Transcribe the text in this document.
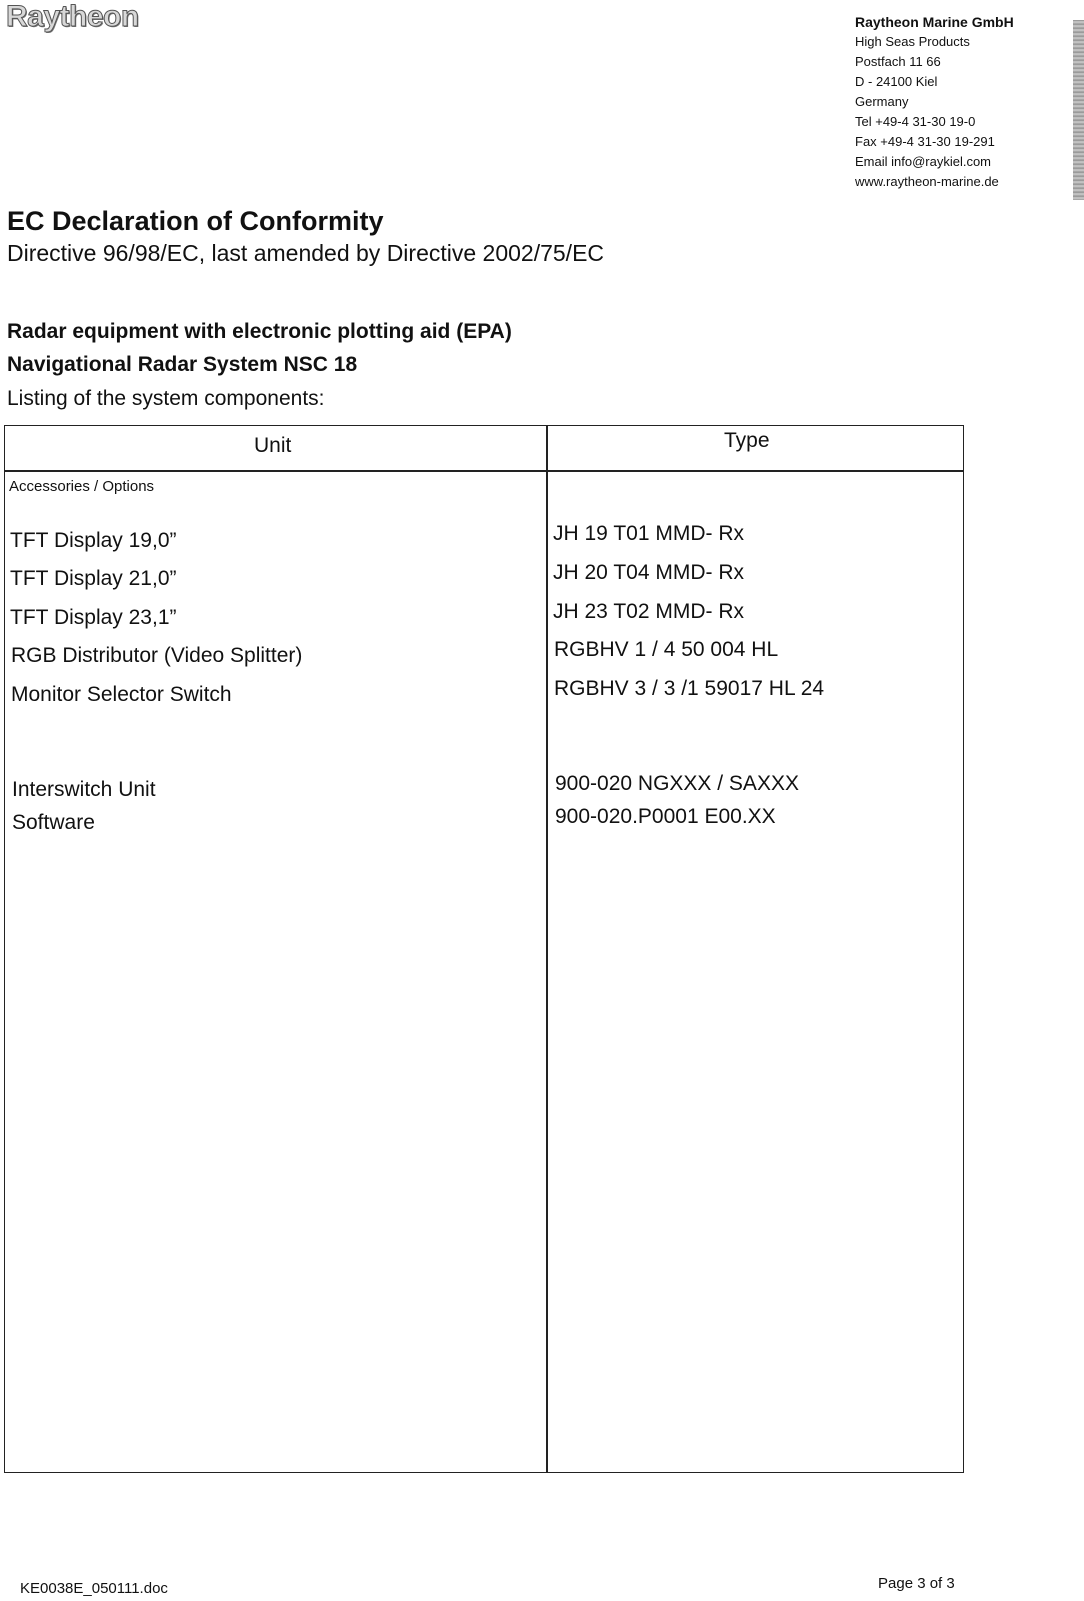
Raytheon	Raytheon Marine GmbH
High Seas Products
Postfach 11 66
D - 24100 Kiel
Germany
Tel +49-4 31-30 19-0
Fax +49-4 31-30 19-291
Email info@raykiel.com
www.raytheon-marine.de
EC Declaration of Conformity
Directive 96/98/EC, last amended by Directive 2002/75/EC
Radar equipment with electronic plotting aid (EPA)
Navigational Radar System NSC 18
Listing of the system components:
Unit	Type
Accessories / Options
TFT Display 19,0”	JH 19 T01 MMD- Rx
TFT Display 21,0”	JH 20 T04 MMD- Rx
TFT Display 23,1”	JH 23 T02 MMD- Rx
RGB Distributor (Video Splitter)	RGBHV 1 / 4 50 004 HL
Monitor Selector Switch	RGBHV 3 / 3 /1 59017 HL 24
Interswitch Unit	900-020 NGXXX / SAXXX
Software	900-020.P0001 E00.XX
KE0038E_050111.doc	Page 3 of 3
